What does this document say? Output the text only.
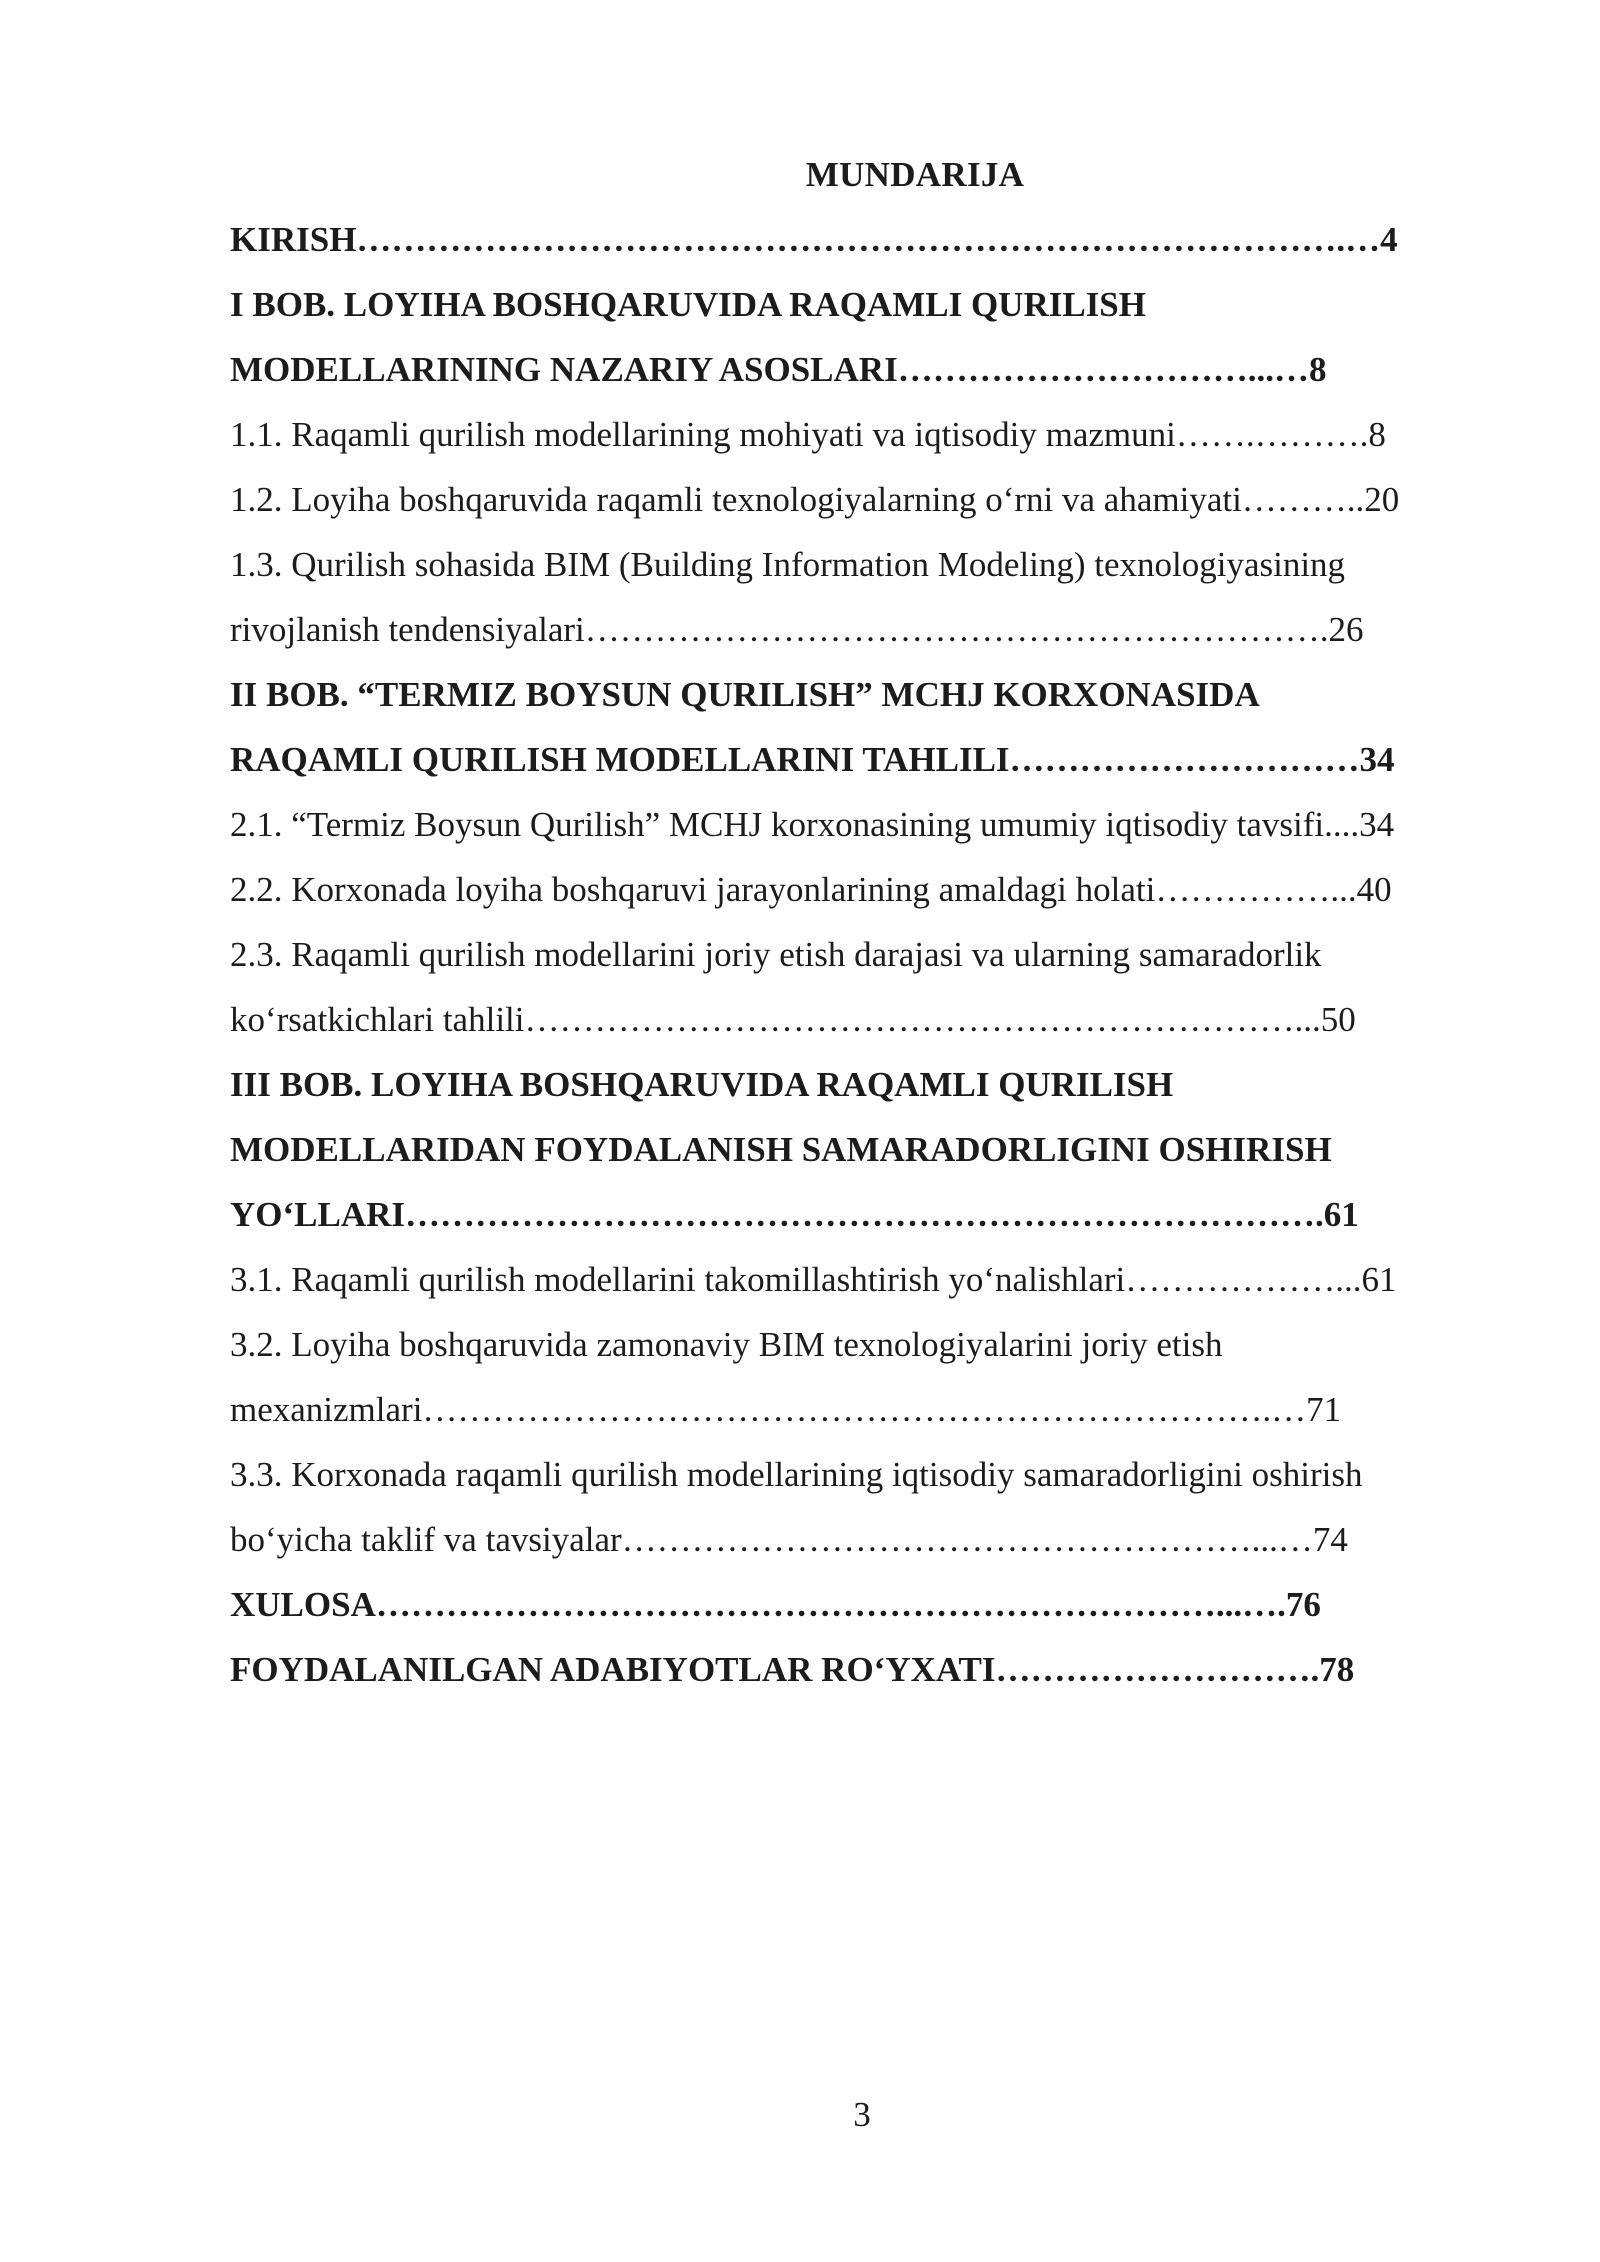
MUNDARIJA
KIRISH………………………………………………………………………….…4
I BOB. LOYIHA BOSHQARUVIDA RAQAMLI QURILISH
MODELLARINING NAZARIY ASOSLARI…………………………...…8
1.1. Raqamli qurilish modellarining mohiyati va iqtisodiy mazmuni…….……….8
1.2. Loyiha boshqaruvida raqamli texnologiyalarning o‘rni va ahamiyati………..20
1.3. Qurilish sohasida BIM (Building Information Modeling) texnologiyasining
rivojlanish tendensiyalari……………………………………………………….26
II BOB. “TERMIZ BOYSUN QURILISH” MCHJ KORXONASIDA
RAQAMLI QURILISH MODELLARINI TAHLILI…………………………34
2.1. “Termiz Boysun Qurilish” MCHJ korxonasining umumiy iqtisodiy tavsifi....34
2.2. Korxonada loyiha boshqaruvi jarayonlarining amaldagi holati……………...40
2.3. Raqamli qurilish modellarini joriy etish darajasi va ularning samaradorlik
ko‘rsatkichlari tahlili…………………………………………………………...50
III BOB. LOYIHA BOSHQARUVIDA RAQAMLI QURILISH
MODELLARIDAN FOYDALANISH SAMARADORLIGINI OSHIRISH
YO‘LLARI…………………………………………………………………….61
3.1. Raqamli qurilish modellarini takomillashtirish yo‘nalishlari………………...61
3.2. Loyiha boshqaruvida zamonaviy BIM texnologiyalarini joriy etish
mexanizmlari……………………………………………………………….…71
3.3. Korxonada raqamli qurilish modellarining iqtisodiy samaradorligini oshirish
bo‘yicha taklif va tavsiyalar………………………………………………...…74
XULOSA………………………………………………………………...….76
FOYDALANILGAN ADABIYOTLAR RO‘YXATI……………………….78
3
